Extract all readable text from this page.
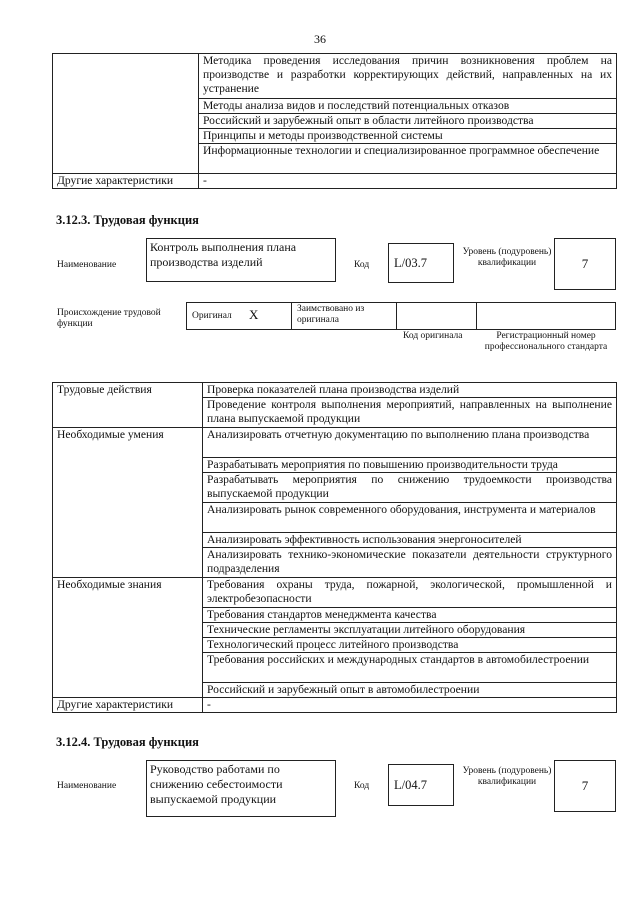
36
	Методика проведения исследования причин возникновения проблем на производстве и разработки корректирующих действий, направленных на их устранение
	Методы анализа видов и последствий потенциальных отказов
	Российский и зарубежный опыт в области литейного производства
	Принципы и методы производственной системы
	Информационные технологии и специализированное программное обеспечение
Другие характеристики	-
3.12.3. Трудовая функция
Наименование
Контроль выполнения плана производства изделий	Код	L/03.7
Уровень (подуровень) квалификации	7
Происхождение трудовой функции
Оригинал X	Заимствовано из оригинала
Код оригинала	Регистрационный номер профессионального стандарта
Трудовые действия	Проверка показателей плана производства изделий
	Проведение контроля выполнения мероприятий, направленных на выполнение плана выпускаемой продукции
Необходимые умения	Анализировать отчетную документацию по выполнению плана производства
	Разрабатывать мероприятия по повышению производительности труда
	Разрабатывать мероприятия по снижению трудоемкости производства выпускаемой продукции
	Анализировать рынок современного оборудования, инструмента и материалов
	Анализировать эффективность использования энергоносителей
	Анализировать технико-экономические показатели деятельности структурного подразделения
Необходимые знания	Требования охраны труда, пожарной, экологической, промышленной и электробезопасности
	Требования стандартов менеджмента качества
	Технические регламенты эксплуатации литейного оборудования
	Технологический процесс литейного производства
	Требования российских и международных стандартов в автомобилестроении
	Российский и зарубежный опыт в автомобилестроении
Другие характеристики	-
3.12.4. Трудовая функция
Наименование
Руководство работами по снижению себестоимости выпускаемой продукции
Код	L/04.7
Уровень (подуровень) квалификации	7
